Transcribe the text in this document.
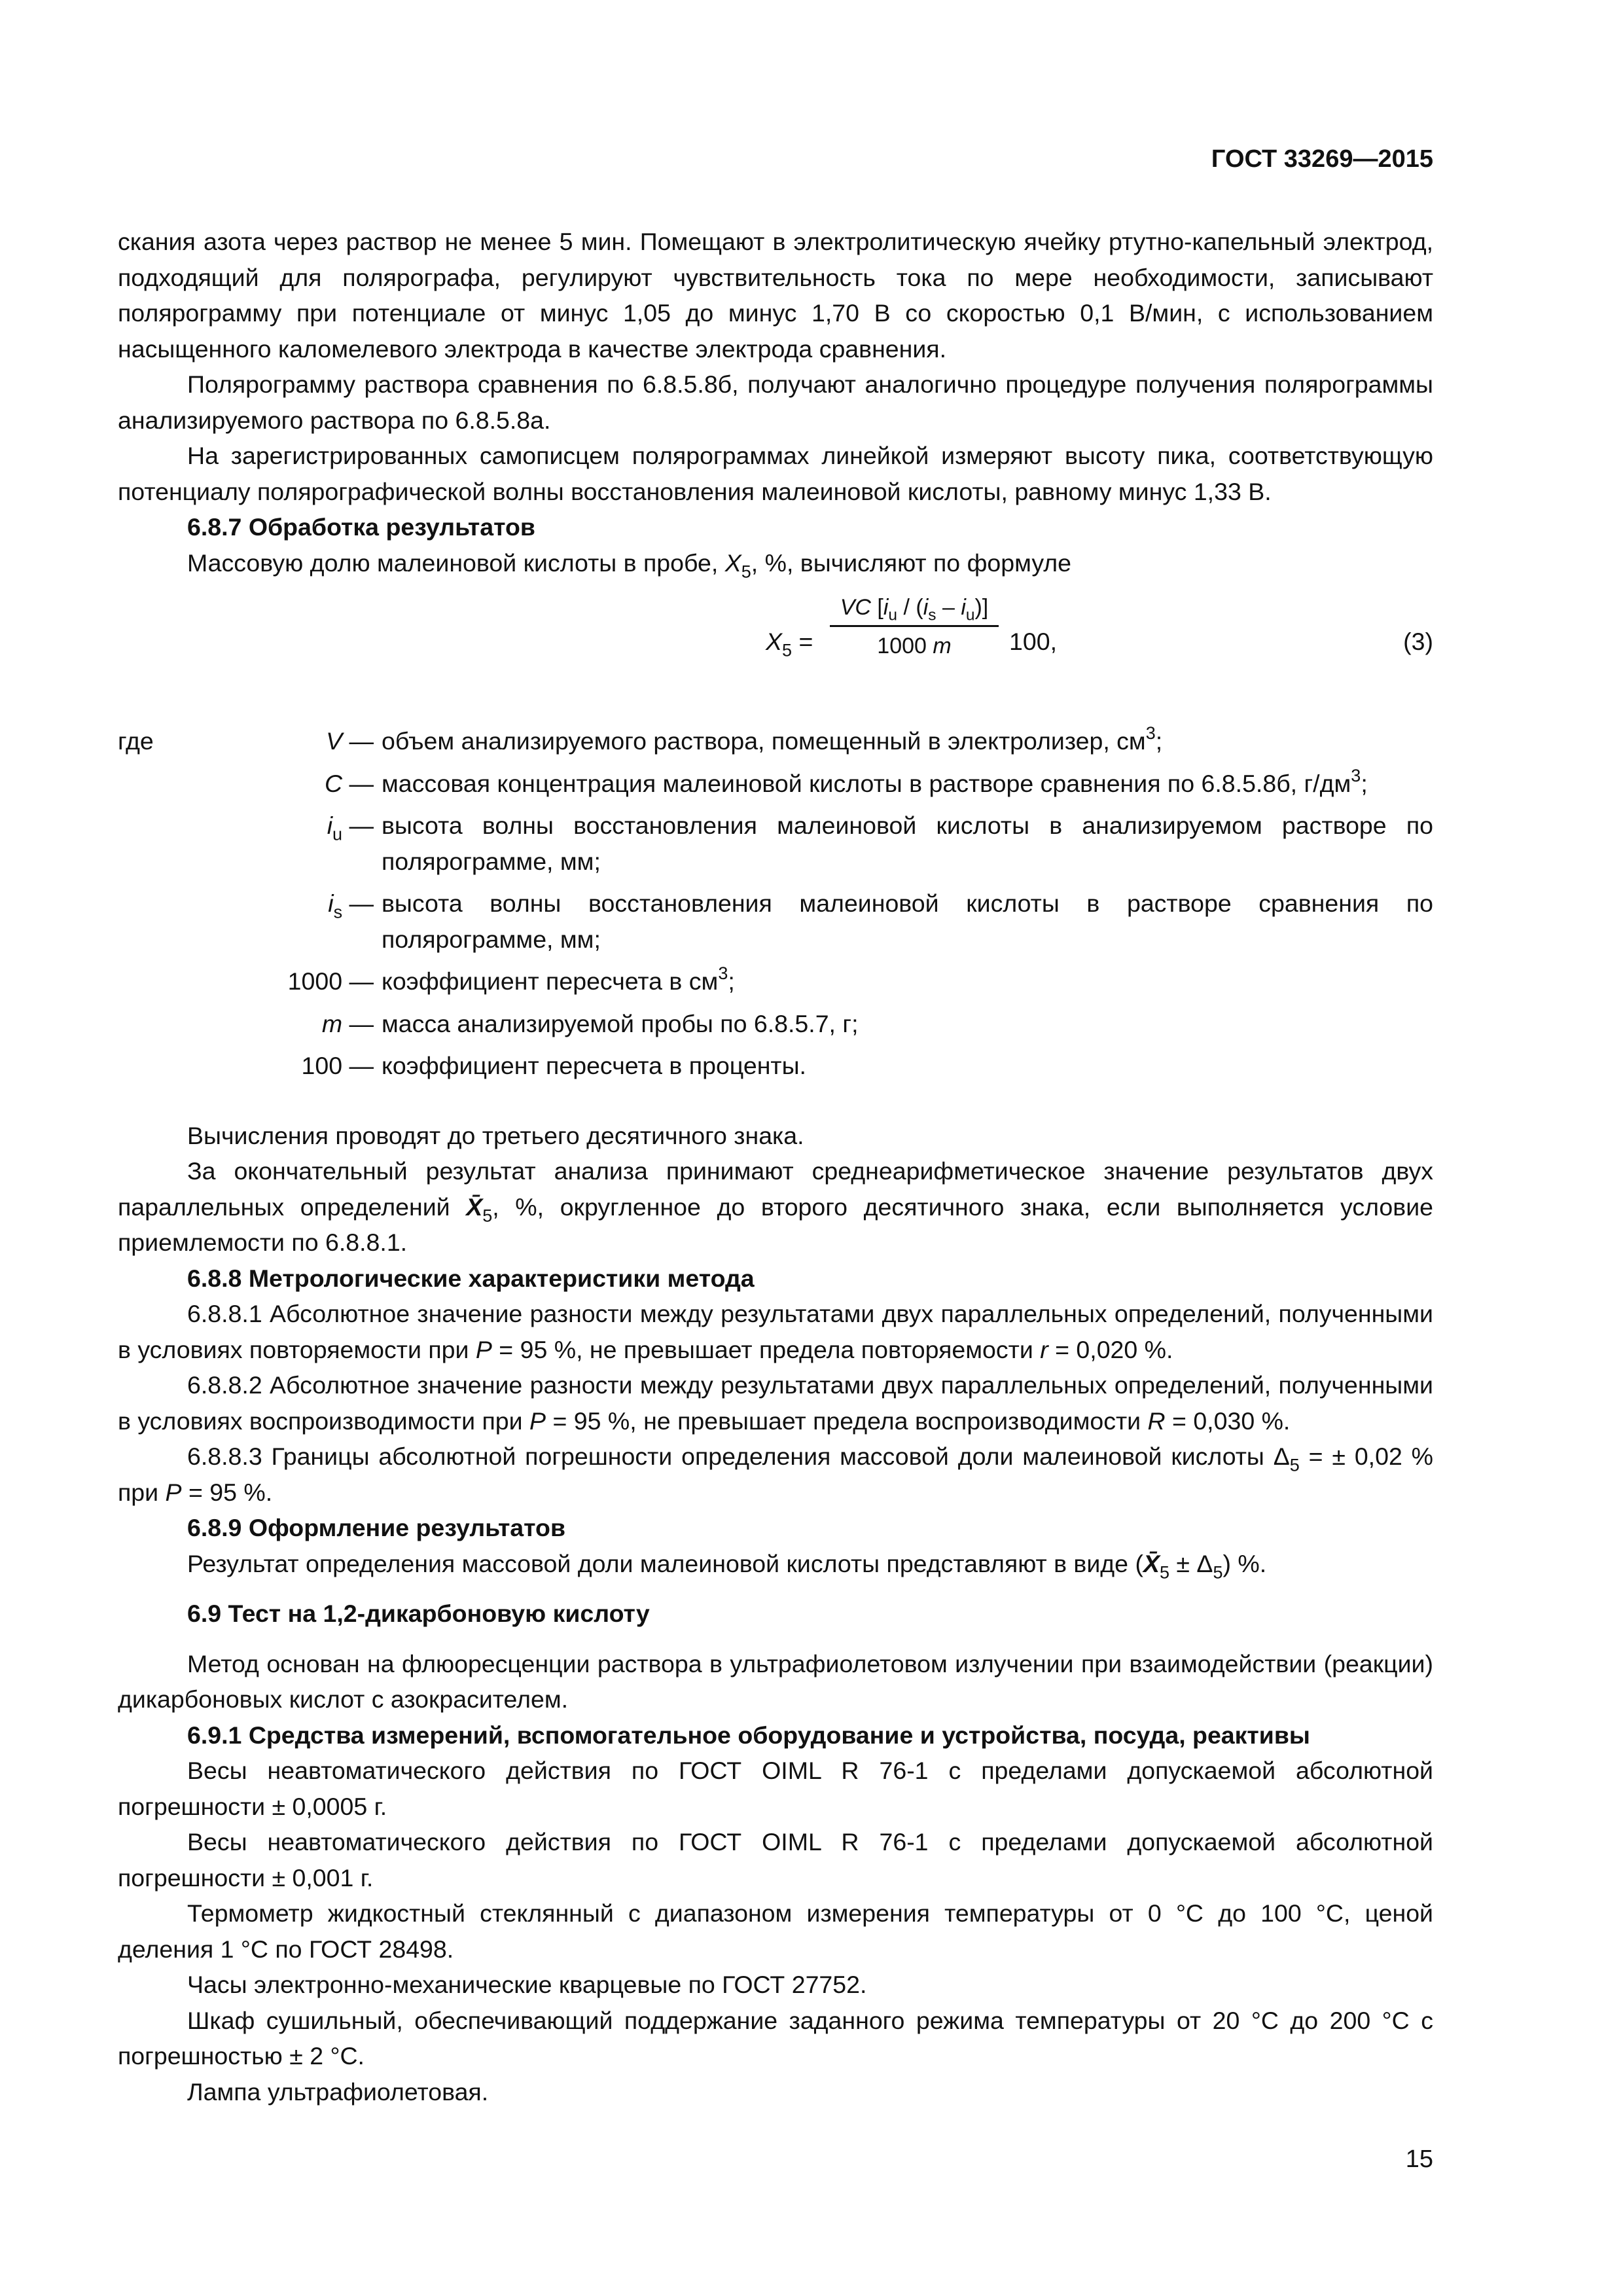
ГОСТ 33269—2015

скания азота через раствор не менее 5 мин. Помещают в электролитическую ячейку ртутно-капельный электрод, подходящий для полярографа, регулируют чувствительность тока по мере необходимости, записывают полярограмму при потенциале от минус 1,05 до минус 1,70 В со скоростью 0,1 В/мин, с использованием насыщенного каломелевого электрода в качестве электрода сравнения.

Полярограмму раствора сравнения по 6.8.5.8б, получают аналогично процедуре получения полярограммы анализируемого раствора по 6.8.5.8а.

На зарегистрированных самописцем полярограммах линейкой измеряют высоту пика, соответствующую потенциалу полярографической волны восстановления малеиновой кислоты, равному минус 1,33 В.

6.8.7 Обработка результатов

Массовую долю малеиновой кислоты в пробе, $X_5$, %, вычисляют по формуле

$X_5$ =
VC $[i_u / (i_s - i_u)]$
1000 m	100,	(3)
где	V — объем анализируемого раствора, помещенный в электролизер, $см^3$;
C — массовая концентрация малеиновой кислоты в растворе сравнения по 6.8.5.8б, $г/дм^3$;
$i_u$ — высота волны восстановления малеиновой кислоты в анализируемом растворе по полярограмме, мм;
$i_s$ — высота волны восстановления малеиновой кислоты в растворе сравнения по полярограмме, мм;
1000 — коэффициент пересчета в $см^3$;
m — масса анализируемой пробы по 6.8.5.7, г;
100 — коэффициент пересчета в проценты.

Вычисления проводят до третьего десятичного знака.

За окончательный результат анализа принимают среднеарифметическое значение результатов двух параллельных определений $X̄_5$, %, округленное до второго десятичного знака, если выполняется условие приемлемости по 6.8.8.1.

6.8.8 Метрологические характеристики метода

6.8.8.1 Абсолютное значение разности между результатами двух параллельных определений, полученными в условиях повторяемости при P = 95 %, не превышает предела повторяемости r = 0,020 %.

6.8.8.2 Абсолютное значение разности между результатами двух параллельных определений, полученными в условиях воспроизводимости при P = 95 %, не превышает предела воспроизводимости R = 0,030 %.

6.8.8.3 Границы абсолютной погрешности определения массовой доли малеиновой кислоты $\Delta_5$ = ± 0,02 % при P = 95 %.

6.8.9 Оформление результатов

Результат определения массовой доли малеиновой кислоты представляют в виде $(X̄_5 \pm \Delta_5)$ %.

6.9 Тест на 1,2-дикарбоновую кислоту

Метод основан на флюоресценции раствора в ультрафиолетовом излучении при взаимодействии (реакции) дикарбоновых кислот с азокрасителем.

6.9.1 Средства измерений, вспомогательное оборудование и устройства, посуда, реактивы

Весы неавтоматического действия по ГОСТ OIML R 76-1 с пределами допускаемой абсолютной погрешности ± 0,0005 г.

Весы неавтоматического действия по ГОСТ OIML R 76-1 с пределами допускаемой абсолютной погрешности ± 0,001 г.

Термометр жидкостный стеклянный с диапазоном измерения температуры от 0 °С до 100 °С, ценой деления 1 °С по ГОСТ 28498.

Часы электронно-механические кварцевые по ГОСТ 27752.

Шкаф сушильный, обеспечивающий поддержание заданного режима температуры от 20 °С до 200 °С с погрешностью ± 2 °С.

Лампа ультрафиолетовая.

15
